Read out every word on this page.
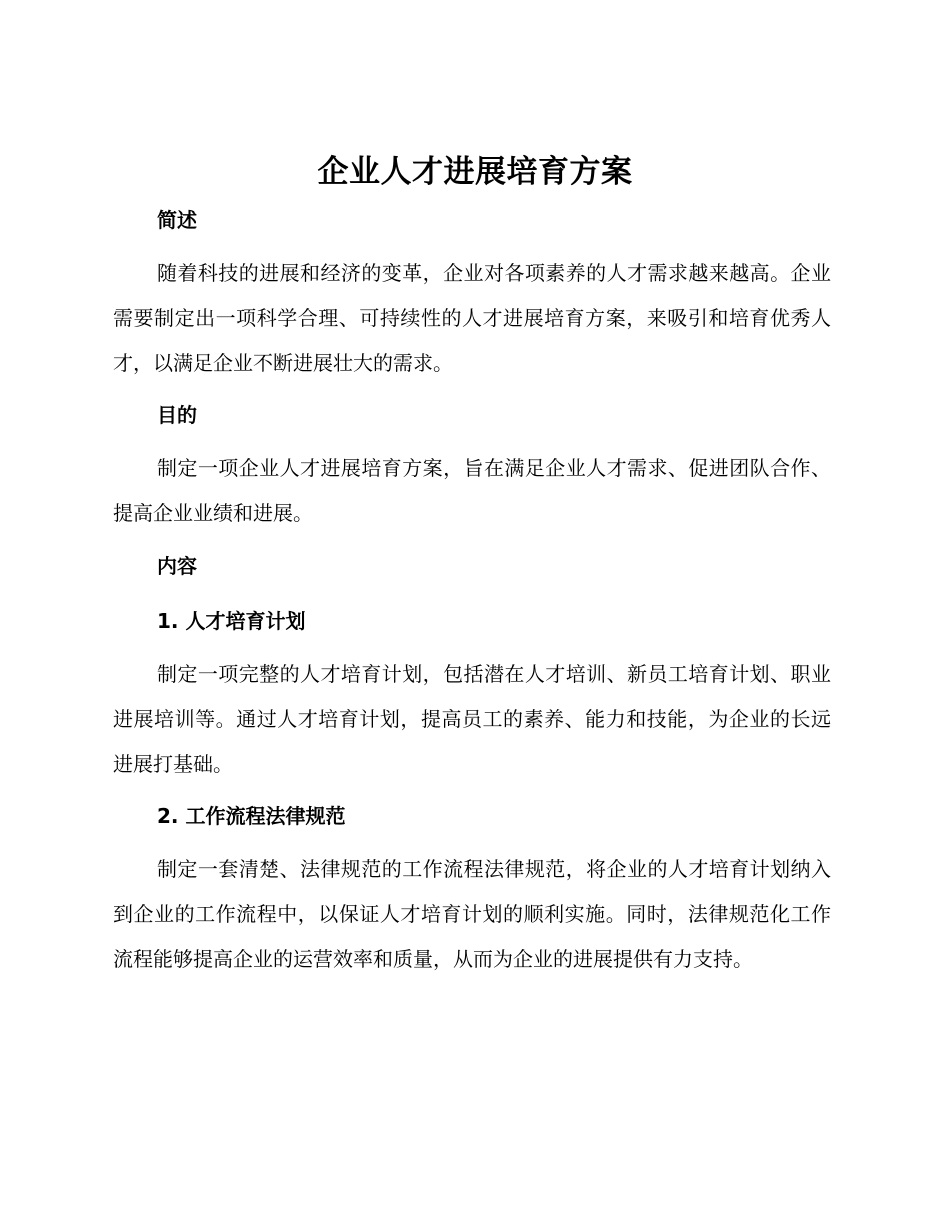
企业人才进展培育方案
简述
随着科技的进展和经济的变革，企业对各项素养的人才需求越来越高。企业需要制定出一项科学合理、可持续性的人才进展培育方案，来吸引和培育优秀人才，以满足企业不断进展壮大的需求。
目的
制定一项企业人才进展培育方案，旨在满足企业人才需求、促进团队合作、提高企业业绩和进展。
内容
1. 人才培育计划
制定一项完整的人才培育计划，包括潜在人才培训、新员工培育计划、职业进展培训等。通过人才培育计划，提高员工的素养、能力和技能，为企业的长远进展打基础。
2. 工作流程法律规范
制定一套清楚、法律规范的工作流程法律规范，将企业的人才培育计划纳入到企业的工作流程中，以保证人才培育计划的顺利实施。同时，法律规范化工作流程能够提高企业的运营效率和质量，从而为企业的进展提供有力支持。
